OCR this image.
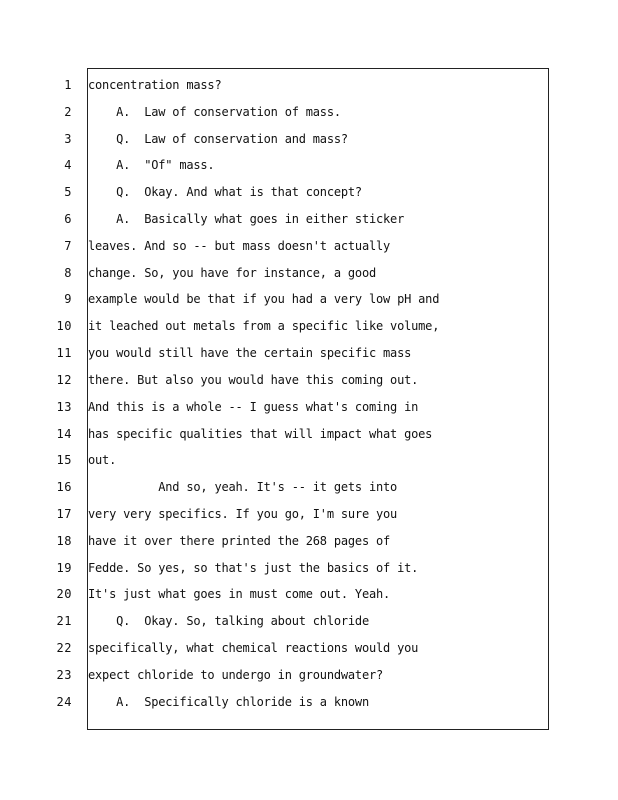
1 concentration mass?
2 A.  Law of conservation of mass.
3 Q.  Law of conservation and mass?
4 A.  "Of" mass.
5 Q.  Okay. And what is that concept?
6 A.  Basically what goes in either sticker
7 leaves. And so -- but mass doesn't actually
8 change. So, you have for instance, a good
9 example would be that if you had a very low pH and
10 it leached out metals from a specific like volume,
11 you would still have the certain specific mass
12 there. But also you would have this coming out.
13 And this is a whole -- I guess what's coming in
14 has specific qualities that will impact what goes
15 out.
16 And so, yeah. It's -- it gets into
17 very very specifics. If you go, I'm sure you
18 have it over there printed the 268 pages of
19 Fedde. So yes, so that's just the basics of it.
20 It's just what goes in must come out. Yeah.
21 Q.  Okay. So, talking about chloride
22 specifically, what chemical reactions would you
23 expect chloride to undergo in groundwater?
24 A.  Specifically chloride is a known
